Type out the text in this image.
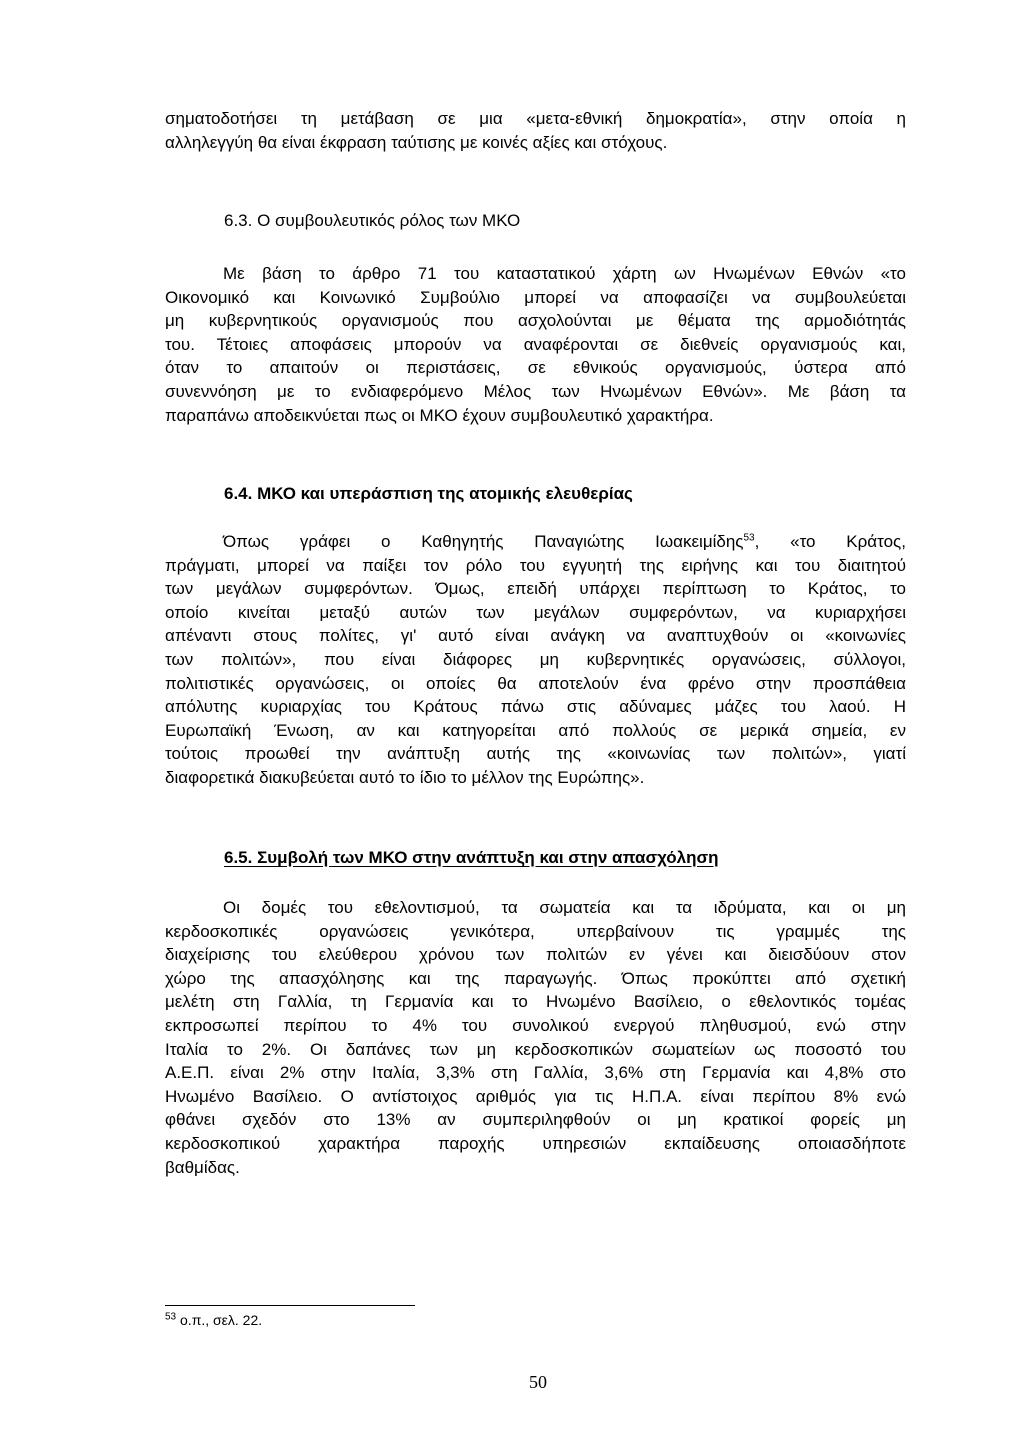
σηματοδοτήσει τη μετάβαση σε μια «μετα-εθνική δημοκρατία», στην οποία η
αλληλεγγύη θα είναι έκφραση ταύτισης με κοινές αξίες και στόχους.
6.3. Ο συμβουλευτικός ρόλος των ΜΚΟ
Με βάση το άρθρο 71 του καταστατικού χάρτη ων Ηνωμένων Εθνών «το
Οικονομικό και Κοινωνικό Συμβούλιο μπορεί να αποφασίζει να συμβουλεύεται
μη κυβερνητικούς οργανισμούς που ασχολούνται με θέματα της αρμοδιότητάς
του. Τέτοιες αποφάσεις μπορούν να αναφέρονται σε διεθνείς οργανισμούς και,
όταν το απαιτούν οι περιστάσεις, σε εθνικούς οργανισμούς, ύστερα από
συνεννόηση με το ενδιαφερόμενο Μέλος των Ηνωμένων Εθνών». Με βάση τα
παραπάνω αποδεικνύεται πως οι ΜΚΟ έχουν συμβουλευτικό χαρακτήρα.
6.4. ΜΚΟ και υπεράσπιση της ατομικής ελευθερίας
Όπως γράφει ο Καθηγητής Παναγιώτης Ιωακειμίδης$^{53}$, «το Κράτος,
πράγματι, μπορεί να παίξει τον ρόλο του εγγυητή της ειρήνης και του διαιτητού
των μεγάλων συμφερόντων. Όμως, επειδή υπάρχει περίπτωση το Κράτος, το
οποίο κινείται μεταξύ αυτών των μεγάλων συμφερόντων, να κυριαρχήσει
απέναντι στους πολίτες, γι' αυτό είναι ανάγκη να αναπτυχθούν οι «κοινωνίες
των πολιτών», που είναι διάφορες μη κυβερνητικές οργανώσεις, σύλλογοι,
πολιτιστικές οργανώσεις, οι οποίες θα αποτελούν ένα φρένο στην προσπάθεια
απόλυτης κυριαρχίας του Κράτους πάνω στις αδύναμες μάζες του λαού. Η
Ευρωπαϊκή Ένωση, αν και κατηγορείται από πολλούς σε μερικά σημεία, εν
τούτοις προωθεί την ανάπτυξη αυτής της «κοινωνίας των πολιτών», γιατί
διαφορετικά διακυβεύεται αυτό το ίδιο το μέλλον της Ευρώπης».
6.5. Συμβολή των ΜΚΟ στην ανάπτυξη και στην απασχόληση
Οι δομές του εθελοντισμού, τα σωματεία και τα ιδρύματα, και οι μη
κερδοσκοπικές οργανώσεις γενικότερα, υπερβαίνουν τις γραμμές της
διαχείρισης του ελεύθερου χρόνου των πολιτών εν γένει και διεισδύουν στον
χώρο της απασχόλησης και της παραγωγής. Όπως προκύπτει από σχετική
μελέτη στη Γαλλία, τη Γερμανία και το Ηνωμένο Βασίλειο, ο εθελοντικός τομέας
εκπροσωπεί περίπου το 4% του συνολικού ενεργού πληθυσμού, ενώ στην
Ιταλία το 2%. Οι δαπάνες των μη κερδοσκοπικών σωματείων ως ποσοστό του
Α.Ε.Π. είναι 2% στην Ιταλία, 3,3% στη Γαλλία, 3,6% στη Γερμανία και 4,8% στο
Ηνωμένο Βασίλειο. Ο αντίστοιχος αριθμός για τις Η.Π.Α. είναι περίπου 8% ενώ
φθάνει σχεδόν στο 13% αν συμπεριληφθούν οι μη κρατικοί φορείς μη
κερδοσκοπικού χαρακτήρα παροχής υπηρεσιών εκπαίδευσης οποιασδήποτε
βαθμίδας.
$^{53}$ ο.π., σελ. 22.
50
